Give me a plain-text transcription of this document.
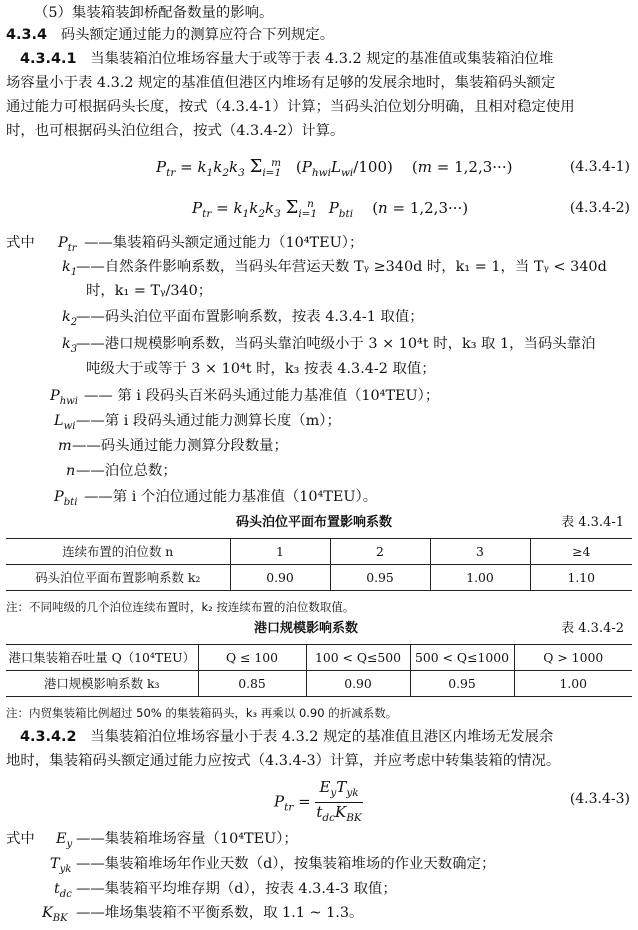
（5）集装箱装卸桥配备数量的影响。
4.3.4 码头额定通过能力的测算应符合下列规定。
4.3.4.1 当集装箱泊位堆场容量大于或等于表 4.3.2 规定的基准值或集装箱泊位堆
场容量小于表 4.3.2 规定的基准值但港区内堆场有足够的发展余地时，集装箱码头额定
通过能力可根据码头长度，按式（4.3.4-1）计算；当码头泊位划分明确，且相对稳定使用
时，也可根据码头泊位组合，按式（4.3.4-2）计算。
$P_{tr} = k_1k_2k_3$ $\Sigma_{i=1}^m$ $(P_{hwi}L_{wi}/100) (m = 1,2,3\cdot\cdot\cdot)$	(4.3.4-1)
$P_{tr} = k_1k_2k_3$ $\Sigma_{i=1}^n$ $P_{bti}$ (n = 1,2,3···)	(4.3.4-2)
式中 $P_{tr}$ ——集装箱码头额定通过能力（10⁴TEU）；
$k_1$
——自然条件影响系数，当码头年营运天数 Tᵧ ≥340d 时，k₁ = 1，当 Tᵧ < 340d
时，k₁ = Tᵧ/340；
$k_2$
——码头泊位平面布置影响系数，按表 4.3.4-1 取值；
$k_3$
——港口规模影响系数，当码头靠泊吨级小于 3 × 10⁴t 时，k₃ 取 1，当码头靠泊
吨级大于或等于 3 × 10⁴t 时，k₃ 按表 4.3.4-2 取值；
$P_{hwi}$ —— 第 i 段码头百米码头通过能力基准值（10⁴TEU）；
$L_{wi}$ ——第 i 段码头通过能力测算长度（m）；
m ——码头通过能力测算分段数量；
n ——泊位总数；
$P_{bti}$ ——第 i 个泊位通过能力基准值（10⁴TEU）。
码头泊位平面布置影响系数	表 4.3.4-1
连续布置的泊位数 n	1	2	3	≥4
码头泊位平面布置影响系数 k₂	0.90	0.95	1.00	1.10
注：不同吨级的几个泊位连续布置时，k₂ 按连续布置的泊位数取值。
港口规模影响系数	表 4.3.4-2
港口集装箱吞吐量 Q（10⁴TEU）	Q ≤ 100	100 < Q≤500	500 < Q≤1000	Q > 1000
港口规模影响系数 k₃	0.85	0.90	0.95	1.00
注：内贸集装箱比例超过 50% 的集装箱码头，k₃ 再乘以 0.90 的折减系数。
4.3.4.2 当集装箱泊位堆场容量小于表 4.3.2 规定的基准值且港区内堆场无发展余
地时，集装箱码头额定通过能力应按式（4.3.4-3）计算，并应考虑中转集装箱的情况。
$P_{tr} = \frac{E_yT_{yk}}{t_{dc}K_{BK}}$	(4.3.4-3)
式中 $E_y$ ——集装箱堆场容量（10⁴TEU）；
$T_{yk}$ ——集装箱堆场年作业天数（d），按集装箱堆场的作业天数确定；
$t_{dc}$ ——集装箱平均堆存期（d），按表 4.3.4-3 取值；
$K_{BK}$ ——堆场集装箱不平衡系数，取 1.1 ~ 1.3。
